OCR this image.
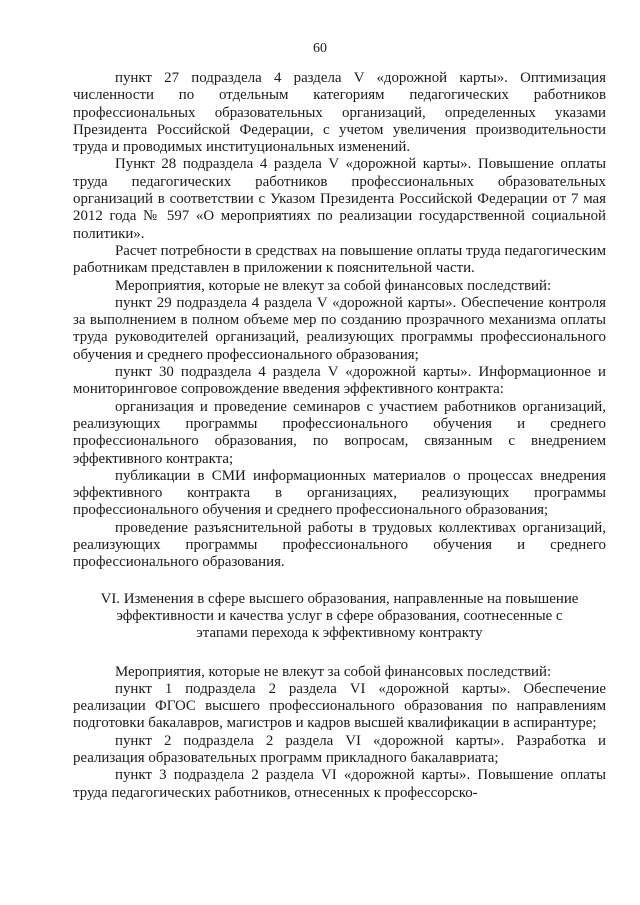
60

пункт 27 подраздела 4 раздела V «дорожной карты». Оптимизация численности по отдельным категориям педагогических работников профессиональных образовательных организаций, определенных указами Президента Российской Федерации, с учетом увеличения производительности труда и проводимых институциональных изменений.

Пункт 28 подраздела 4 раздела V «дорожной карты». Повышение оплаты труда педагогических работников профессиональных образовательных организаций в соответствии с Указом Президента Российской Федерации от 7 мая 2012 года № 597 «О мероприятиях по реализации государственной социальной политики».

Расчет потребности в средствах на повышение оплаты труда педагогическим работникам представлен в приложении к пояснительной части.

Мероприятия, которые не влекут за собой финансовых последствий:

пункт 29 подраздела 4 раздела V «дорожной карты». Обеспечение контроля за выполнением в полном объеме мер по созданию прозрачного механизма оплаты труда руководителей организаций, реализующих программы профессионального обучения и среднего профессионального образования;

пункт 30 подраздела 4 раздела V «дорожной карты». Информационное и мониторинговое сопровождение введения эффективного контракта:

организация и проведение семинаров с участием работников организаций, реализующих программы профессионального обучения и среднего профессионального образования, по вопросам, связанным с внедрением эффективного контракта;

публикации в СМИ информационных материалов о процессах внедрения эффективного контракта в организациях, реализующих программы профессионального обучения и среднего профессионального образования;

проведение разъяснительной работы в трудовых коллективах организаций, реализующих программы профессионального обучения и среднего профессионального образования.

VI. Изменения в сфере высшего образования, направленные на повышение эффективности и качества услуг в сфере образования, соотнесенные с этапами перехода к эффективному контракту

Мероприятия, которые не влекут за собой финансовых последствий:

пункт 1 подраздела 2 раздела VI «дорожной карты». Обеспечение реализации ФГОС высшего профессионального образования по направлениям подготовки бакалавров, магистров и кадров высшей квалификации в аспирантуре;

пункт 2 подраздела 2 раздела VI «дорожной карты». Разработка и реализация образовательных программ прикладного бакалавриата;

пункт 3 подраздела 2 раздела VI «дорожной карты». Повышение оплаты труда педагогических работников, отнесенных к профессорско-
